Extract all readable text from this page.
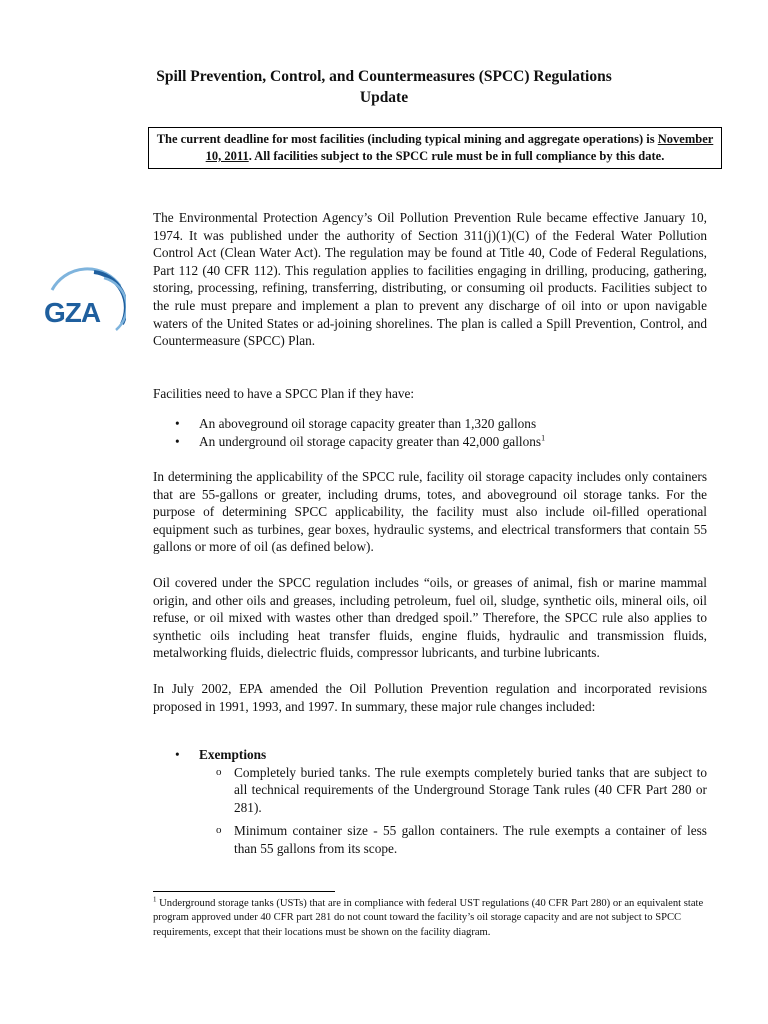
Spill Prevention, Control, and Countermeasures (SPCC) Regulations
Update
The current deadline for most facilities (including typical mining and aggregate operations) is November 10, 2011. All facilities subject to the SPCC rule must be in full compliance by this date.
GZA
The Environmental Protection Agency’s Oil Pollution Prevention Rule became effective January 10, 1974. It was published under the authority of Section 311(j)(1)(C) of the Federal Water Pollution Control Act (Clean Water Act). The regulation may be found at Title 40, Code of Federal Regulations, Part 112 (40 CFR 112). This regulation applies to facilities engaging in drilling, producing, gathering, storing, processing, refining, transferring, distributing, or consuming oil products. Facilities subject to the rule must prepare and implement a plan to prevent any discharge of oil into or upon navigable waters of the United States or ad-joining shorelines. The plan is called a Spill Prevention, Control, and Countermeasure (SPCC) Plan.
Facilities need to have a SPCC Plan if they have:
• An aboveground oil storage capacity greater than 1,320 gallons
• An underground oil storage capacity greater than 42,000 gallons$^1$
In determining the applicability of the SPCC rule, facility oil storage capacity includes only containers that are 55-gallons or greater, including drums, totes, and aboveground oil storage tanks. For the purpose of determining SPCC applicability, the facility must also include oil-filled operational equipment such as turbines, gear boxes, hydraulic systems, and electrical transformers that contain 55 gallons or more of oil (as defined below).
Oil covered under the SPCC regulation includes “oils, or greases of animal, fish or marine mammal origin, and other oils and greases, including petroleum, fuel oil, sludge, synthetic oils, mineral oils, oil refuse, or oil mixed with wastes other than dredged spoil.” Therefore, the SPCC rule also applies to synthetic oils including heat transfer fluids, engine fluids, hydraulic and transmission fluids, metalworking fluids, dielectric fluids, compressor lubricants, and turbine lubricants.
In July 2002, EPA amended the Oil Pollution Prevention regulation and incorporated revisions proposed in 1991, 1993, and 1997. In summary, these major rule changes included:
• Exemptions
o Completely buried tanks. The rule exempts completely buried tanks that are subject to all technical requirements of the Underground Storage Tank rules (40 CFR Part 280 or 281).
o Minimum container size - 55 gallon containers. The rule exempts a container of less than 55 gallons from its scope.
$^1$ Underground storage tanks (USTs) that are in compliance with federal UST regulations (40 CFR Part 280) or an equivalent state program approved under 40 CFR part 281 do not count toward the facility’s oil storage capacity and are not subject to SPCC requirements, except that their locations must be shown on the facility diagram.
